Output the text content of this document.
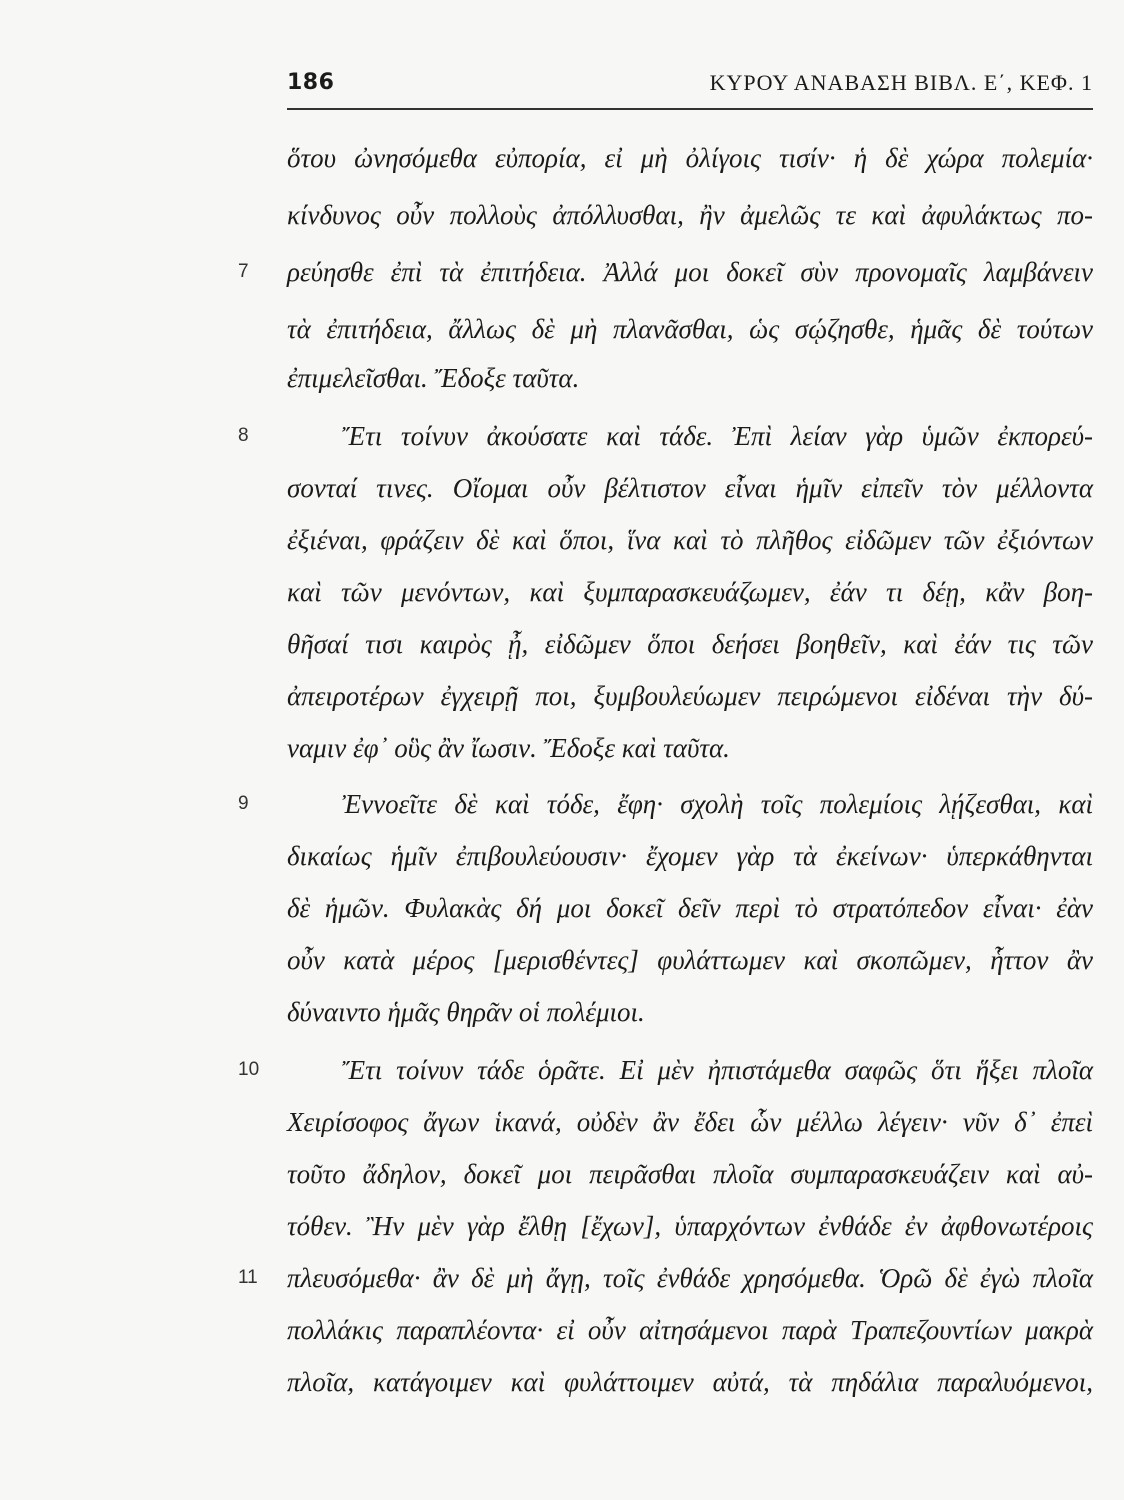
186	ΚΥΡΟΥ ΑΝΑΒΑΣΗ ΒΙΒΛ. Ε΄, ΚΕΦ. 1
ὅτου ὠνησόμεθα εὐπορία, εἰ μὴ ὀλίγοις τισίν· ἡ δὲ χώρα πολεμία·
κίνδυνος οὖν πολλοὺς ἀπόλλυσθαι, ἢν ἀμελῶς τε καὶ ἀφυλάκτως πο-
7	ρεύησθε ἐπὶ τὰ ἐπιτήδεια. Ἀλλά μοι δοκεῖ σὺν προνομαῖς λαμβάνειν
τὰ ἐπιτήδεια, ἄλλως δὲ μὴ πλανᾶσθαι, ὡς σῴζησθε, ἡμᾶς δὲ τούτων
ἐπιμελεῖσθαι. Ἔδοξε ταῦτα.
8	Ἔτι τοίνυν ἀκούσατε καὶ τάδε. Ἐπὶ λείαν γὰρ ὑμῶν ἐκπορεύ-
σονταί τινες. Οἴομαι οὖν βέλτιστον εἶναι ἡμῖν εἰπεῖν τὸν μέλλοντα
ἐξιέναι, φράζειν δὲ καὶ ὅποι, ἵνα καὶ τὸ πλῆθος εἰδῶμεν τῶν ἐξιόντων
καὶ τῶν μενόντων, καὶ ξυμπαρασκευάζωμεν, ἐάν τι δέῃ, κἂν βοη-
θῆσαί τισι καιρὸς ᾖ, εἰδῶμεν ὅποι δεήσει βοηθεῖν, καὶ ἐάν τις τῶν
ἀπειροτέρων ἐγχειρῇ ποι, ξυμβουλεύωμεν πειρώμενοι εἰδέναι τὴν δύ-
ναμιν ἐφ᾽ οὓς ἂν ἴωσιν. Ἔδοξε καὶ ταῦτα.
9	Ἐννοεῖτε δὲ καὶ τόδε, ἔφη· σχολὴ τοῖς πολεμίοις λῄζεσθαι, καὶ
δικαίως ἡμῖν ἐπιβουλεύουσιν· ἔχομεν γὰρ τὰ ἐκείνων· ὑπερκάθηνται
δὲ ἡμῶν. Φυλακὰς δή μοι δοκεῖ δεῖν περὶ τὸ στρατόπεδον εἶναι· ἐὰν
οὖν κατὰ μέρος [μερισθέντες] φυλάττωμεν καὶ σκοπῶμεν, ἧττον ἂν
δύναιντο ἡμᾶς θηρᾶν οἱ πολέμιοι.
10	Ἔτι τοίνυν τάδε ὁρᾶτε. Εἰ μὲν ἠπιστάμεθα σαφῶς ὅτι ἥξει πλοῖα
Χειρίσοφος ἄγων ἱκανά, οὐδὲν ἂν ἔδει ὧν μέλλω λέγειν· νῦν δ᾽ ἐπεὶ
τοῦτο ἄδηλον, δοκεῖ μοι πειρᾶσθαι πλοῖα συμπαρασκευάζειν καὶ αὐ-
τόθεν. Ἢν μὲν γὰρ ἔλθῃ [ἔχων], ὑπαρχόντων ἐνθάδε ἐν ἀφθονωτέροις
11	πλευσόμεθα· ἂν δὲ μὴ ἄγῃ, τοῖς ἐνθάδε χρησόμεθα. Ὁρῶ δὲ ἐγὼ πλοῖα
πολλάκις παραπλέοντα· εἰ οὖν αἰτησάμενοι παρὰ Τραπεζουντίων μακρὰ
πλοῖα, κατάγοιμεν καὶ φυλάττοιμεν αὐτά, τὰ πηδάλια παραλυόμενοι,
